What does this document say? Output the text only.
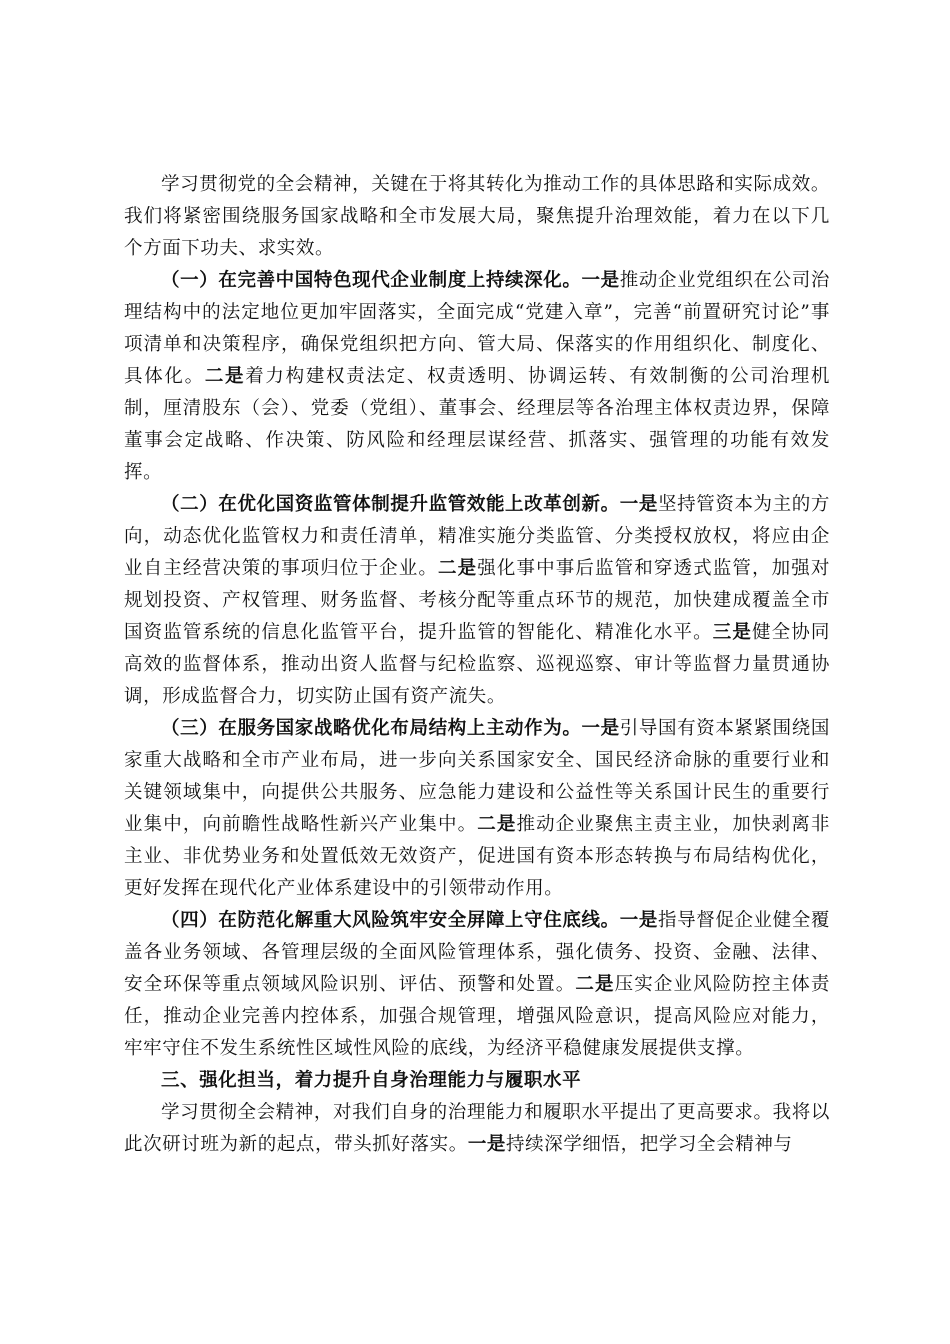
学习贯彻党的全会精神，关键在于将其转化为推动工作的具体思路和实际成效。我们将紧密围绕服务国家战略和全市发展大局，聚焦提升治理效能，着力在以下几个方面下功夫、求实效。

（一）在完善中国特色现代企业制度上持续深化。一是推动企业党组织在公司治理结构中的法定地位更加牢固落实，全面完成“党建入章”，完善“前置研究讨论”事项清单和决策程序，确保党组织把方向、管大局、保落实的作用组织化、制度化、具体化。二是着力构建权责法定、权责透明、协调运转、有效制衡的公司治理机制，厘清股东（会）、党委（党组）、董事会、经理层等各治理主体权责边界，保障董事会定战略、作决策、防风险和经理层谋经营、抓落实、强管理的功能有效发挥。

（二）在优化国资监管体制提升监管效能上改革创新。一是坚持管资本为主的方向，动态优化监管权力和责任清单，精准实施分类监管、分类授权放权，将应由企业自主经营决策的事项归位于企业。二是强化事中事后监管和穿透式监管，加强对规划投资、产权管理、财务监督、考核分配等重点环节的规范，加快建成覆盖全市国资监管系统的信息化监管平台，提升监管的智能化、精准化水平。三是健全协同高效的监督体系，推动出资人监督与纪检监察、巡视巡察、审计等监督力量贯通协调，形成监督合力，切实防止国有资产流失。

（三）在服务国家战略优化布局结构上主动作为。一是引导国有资本紧紧围绕国家重大战略和全市产业布局，进一步向关系国家安全、国民经济命脉的重要行业和关键领域集中，向提供公共服务、应急能力建设和公益性等关系国计民生的重要行业集中，向前瞻性战略性新兴产业集中。二是推动企业聚焦主责主业，加快剥离非主业、非优势业务和处置低效无效资产，促进国有资本形态转换与布局结构优化，更好发挥在现代化产业体系建设中的引领带动作用。

（四）在防范化解重大风险筑牢安全屏障上守住底线。一是指导督促企业健全覆盖各业务领域、各管理层级的全面风险管理体系，强化债务、投资、金融、法律、安全环保等重点领域风险识别、评估、预警和处置。二是压实企业风险防控主体责任，推动企业完善内控体系，加强合规管理，增强风险意识，提高风险应对能力，牢牢守住不发生系统性区域性风险的底线，为经济平稳健康发展提供支撑。

三、强化担当，着力提升自身治理能力与履职水平

学习贯彻全会精神，对我们自身的治理能力和履职水平提出了更高要求。我将以此次研讨班为新的起点，带头抓好落实。一是持续深学细悟，把学习全会精神与
